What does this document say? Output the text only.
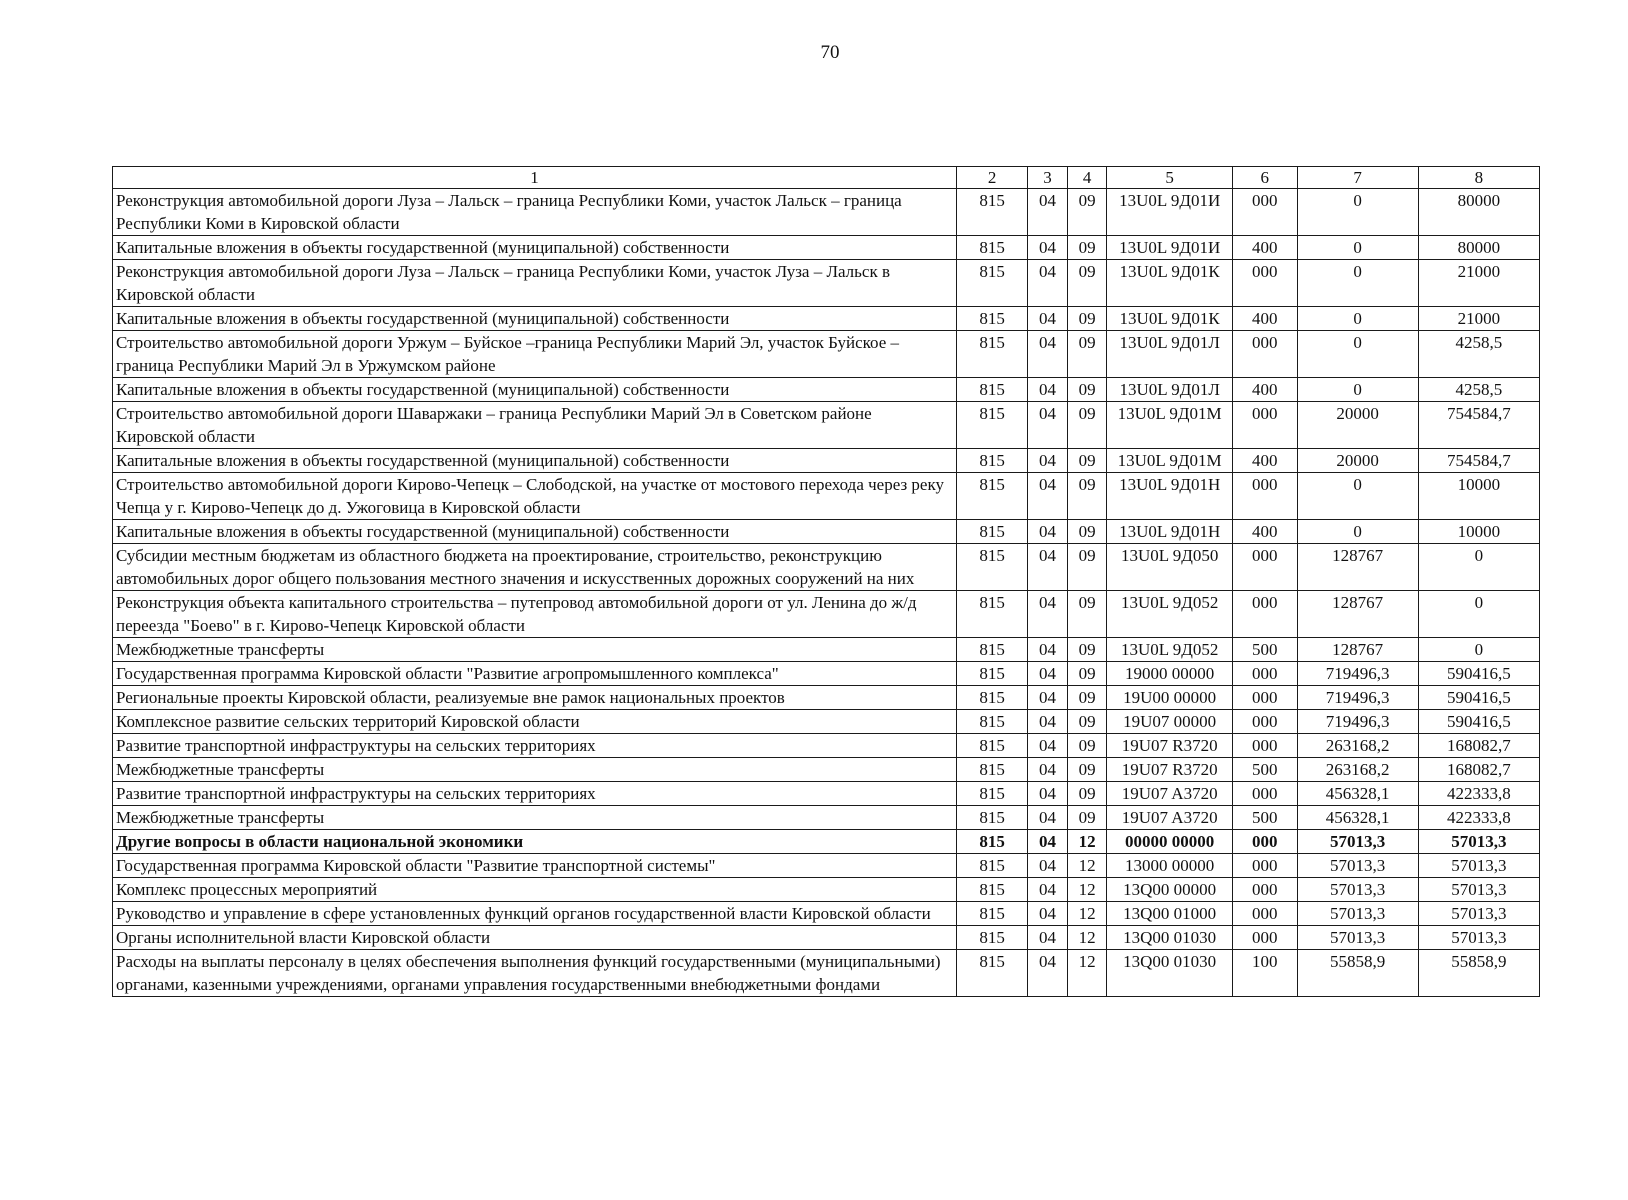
70
1	2	3	4	5	6	7	8
Реконструкция автомобильной дороги Луза – Лальск – граница Республики Коми, участок Лальск – граница Республики Коми в Кировской области	815	04	09	13U0L 9Д01И	000	0	80000
Капитальные вложения в объекты государственной (муниципальной) собственности	815	04	09	13U0L 9Д01И	400	0	80000
Реконструкция автомобильной дороги Луза – Лальск – граница Республики Коми, участок Луза – Лальск в Кировской области	815	04	09	13U0L 9Д01К	000	0	21000
Капитальные вложения в объекты государственной (муниципальной) собственности	815	04	09	13U0L 9Д01К	400	0	21000
Строительство автомобильной дороги Уржум – Буйское –граница Республики Марий Эл, участок Буйское – граница Республики Марий Эл в Уржумском районе	815	04	09	13U0L 9Д01Л	000	0	4258,5
Капитальные вложения в объекты государственной (муниципальной) собственности	815	04	09	13U0L 9Д01Л	400	0	4258,5
Строительство автомобильной дороги Шаваржаки – граница Республики Марий Эл в Советском районе Кировской области	815	04	09	13U0L 9Д01М	000	20000	754584,7
Капитальные вложения в объекты государственной (муниципальной) собственности	815	04	09	13U0L 9Д01М	400	20000	754584,7
Строительство автомобильной дороги Кирово-Чепецк – Слободской, на участке от мостового перехода через реку Чепца у г. Кирово-Чепецк до д. Ужоговица в Кировской области	815	04	09	13U0L 9Д01Н	000	0	10000
Капитальные вложения в объекты государственной (муниципальной) собственности	815	04	09	13U0L 9Д01Н	400	0	10000
Субсидии местным бюджетам из областного бюджета на проектирование, строительство, реконструкцию автомобильных дорог общего пользования местного значения и искусственных дорожных сооружений на них	815	04	09	13U0L 9Д050	000	128767	0
Реконструкция объекта капитального строительства – путепровод автомобильной дороги от ул. Ленина до ж/д переезда "Боево" в г. Кирово-Чепецк Кировской области	815	04	09	13U0L 9Д052	000	128767	0
Межбюджетные трансферты	815	04	09	13U0L 9Д052	500	128767	0
Государственная программа Кировской области "Развитие агропромышленного комплекса"	815	04	09	19000 00000	000	719496,3	590416,5
Региональные проекты Кировской области, реализуемые вне рамок национальных проектов	815	04	09	19U00 00000	000	719496,3	590416,5
Комплексное развитие сельских территорий Кировской области	815	04	09	19U07 00000	000	719496,3	590416,5
Развитие транспортной инфраструктуры на сельских территориях	815	04	09	19U07 R3720	000	263168,2	168082,7
Межбюджетные трансферты	815	04	09	19U07 R3720	500	263168,2	168082,7
Развитие транспортной инфраструктуры на сельских территориях	815	04	09	19U07 A3720	000	456328,1	422333,8
Межбюджетные трансферты	815	04	09	19U07 A3720	500	456328,1	422333,8
Другие вопросы в области национальной экономики	815	04	12	00000 00000	000	57013,3	57013,3
Государственная программа Кировской области "Развитие транспортной системы"	815	04	12	13000 00000	000	57013,3	57013,3
Комплекс процессных мероприятий	815	04	12	13Q00 00000	000	57013,3	57013,3
Руководство и управление в сфере установленных функций органов государственной власти Кировской области	815	04	12	13Q00 01000	000	57013,3	57013,3
Органы исполнительной власти Кировской области	815	04	12	13Q00 01030	000	57013,3	57013,3
Расходы на выплаты персоналу в целях обеспечения выполнения функций государственными (муниципальными) органами, казенными учреждениями, органами управления государственными внебюджетными фондами	815	04	12	13Q00 01030	100	55858,9	55858,9
